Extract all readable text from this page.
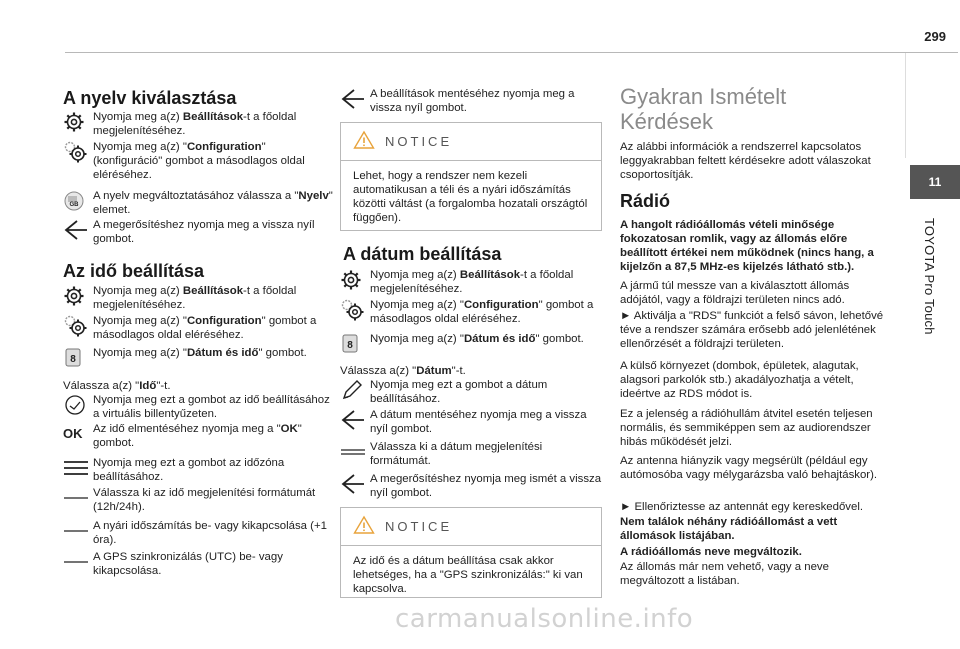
299
11
TOYOTA Pro Touch
A nyelv kiválasztása
Nyomja meg a(z) Beállítások-t a főoldal megjelenítéséhez.
Nyomja meg a(z) "Configuration" (konfiguráció" gombot a másodlagos oldal eléréséhez.
GB
A nyelv megváltoztatásához válassza a "Nyelv" elemet.
A megerősítéshez nyomja meg a vissza nyíl gombot.
Az idő beállítása
Nyomja meg a(z) Beállítások-t a főoldal megjelenítéséhez.
Nyomja meg a(z) "Configuration" gombot a másodlagos oldal eléréséhez.
8
Nyomja meg a(z) "Dátum és idő" gombot.
Válassza a(z) "Idő"-t.
Nyomja meg ezt a gombot az idő beállításához a virtuális billentyűzeten.
OK Az idő elmentéséhez nyomja meg a "OK" gombot.
Nyomja meg ezt a gombot az időzóna beállításához.
Válassza ki az idő megjelenítési formátumát (12h/24h).
A nyári időszámítás be- vagy kikapcsolása (+1 óra).
A GPS szinkronizálás (UTC) be- vagy kikapcsolása.
A beállítások mentéséhez nyomja meg a vissza nyíl gombot.
NOTICE
Lehet, hogy a rendszer nem kezeli automatikusan a téli és a nyári időszámítás közötti váltást (a forgalomba hozatali országtól függően).
A dátum beállítása
Nyomja meg a(z) Beállítások-t a főoldal megjelenítéséhez.
Nyomja meg a(z) "Configuration" gombot a másodlagos oldal eléréséhez.
8
Nyomja meg a(z) "Dátum és idő" gombot.
Válassza a(z) "Dátum"-t.
Nyomja meg ezt a gombot a dátum beállításához.
A dátum mentéséhez nyomja meg a vissza nyíl gombot.
Válassza ki a dátum megjelenítési formátumát.
A megerősítéshez nyomja meg ismét a vissza nyíl gombot.
NOTICE
Az idő és a dátum beállítása csak akkor lehetséges, ha a "GPS szinkronizálás:" ki van kapcsolva.
Gyakran Ismételt Kérdések
Az alábbi információk a rendszerrel kapcsolatos leggyakrabban feltett kérdésekre adott válaszokat csoportosítják.
Rádió
A hangolt rádióállomás vételi minősége fokozatosan romlik, vagy az állomás előre beállított értékei nem működnek (nincs hang, a kijelzőn a 87,5 MHz-es kijelzés látható stb.).
A jármű túl messze van a kiválasztott állomás adójától, vagy a földrajzi területen nincs adó.
► Aktiválja a "RDS" funkciót a felső sávon, lehetővé téve a rendszer számára erősebb adó jelenlétének ellenőrzését a földrajzi területen.
A külső környezet (dombok, épületek, alagutak, alagsori parkolók stb.) akadályozhatja a vételt, ideértve az RDS módot is.
Ez a jelenség a rádióhullám átvitel esetén teljesen normális, és semmiképpen sem az audiorendszer hibás működését jelzi.
Az antenna hiányzik vagy megsérült (például egy autómosóba vagy mélygarázsba való behajtáskor).
► Ellenőriztesse az antennát egy kereskedővel.
Nem találok néhány rádióállomást a vett állomások listájában.
A rádióállomás neve megváltozik.
Az állomás már nem vehető, vagy a neve megváltozott a listában.
carmanualsonline.info
